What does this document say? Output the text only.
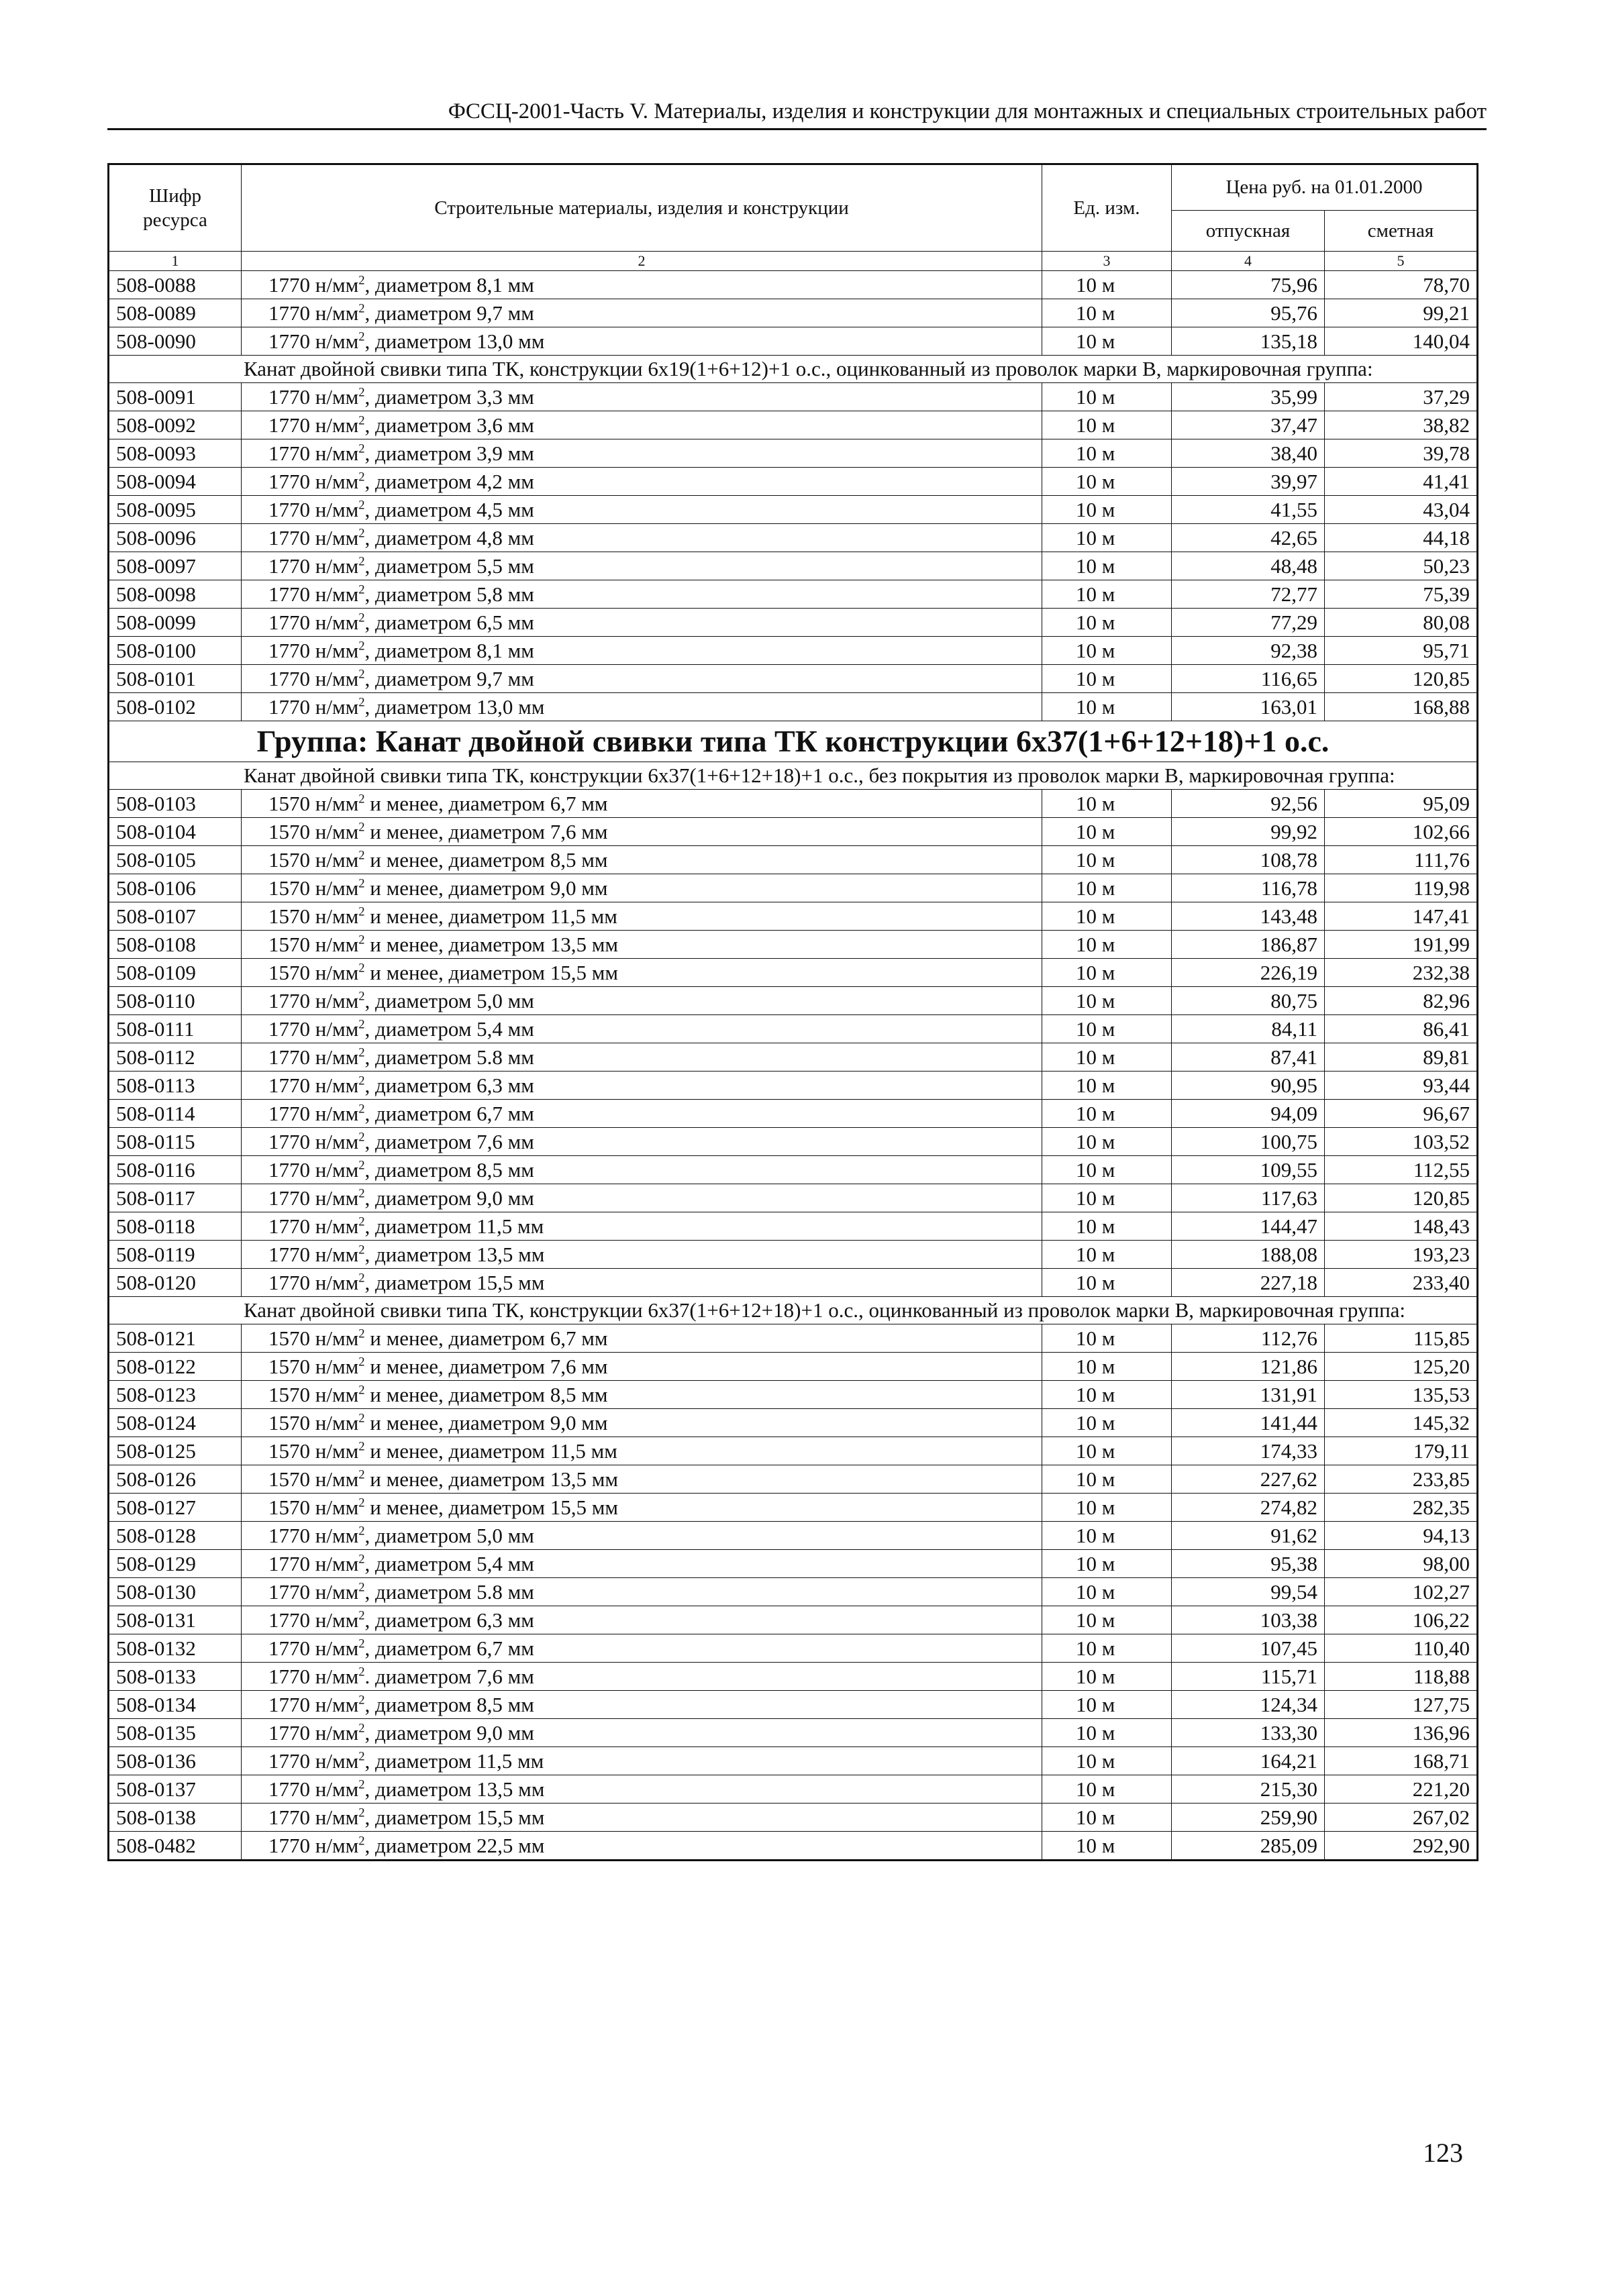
ФССЦ-2001-Часть V. Материалы, изделия и конструкции для монтажных и специальных строительных работ
Шифр ресурса	Строительные материалы, изделия и конструкции	Ед. изм.	Цена руб. на 01.01.2000	
			отпускная	сметная
1	2	3	4	5
508-0088	1770 $н/мм^2$, диаметром 8,1 мм	10 м	75,96	78,70
508-0089	1770 $н/мм^2$, диаметром 9,7 мм	10 м	95,76	99,21
508-0090	1770 $н/мм^2$, диаметром 13,0 мм	10 м	135,18	140,04
Канат двойной свивки типа ТК, конструкции 6х19(1+6+12)+1 о.с., оцинкованный из проволок марки В, маркировочная группа:				
508-0091	1770 $н/мм^2$, диаметром 3,3 мм	10 м	35,99	37,29
508-0092	1770 $н/мм^2$, диаметром 3,6 мм	10 м	37,47	38,82
508-0093	1770 $н/мм^2$, диаметром 3,9 мм	10 м	38,40	39,78
508-0094	1770 $н/мм^2$, диаметром 4,2 мм	10 м	39,97	41,41
508-0095	1770 $н/мм^2$, диаметром 4,5 мм	10 м	41,55	43,04
508-0096	1770 $н/мм^2$, диаметром 4,8 мм	10 м	42,65	44,18
508-0097	1770 $н/мм^2$, диаметром 5,5 мм	10 м	48,48	50,23
508-0098	1770 $н/мм^2$, диаметром 5,8 мм	10 м	72,77	75,39
508-0099	1770 $н/мм^2$, диаметром 6,5 мм	10 м	77,29	80,08
508-0100	1770 $н/мм^2$, диаметром 8,1 мм	10 м	92,38	95,71
508-0101	1770 $н/мм^2$, диаметром 9,7 мм	10 м	116,65	120,85
508-0102	1770 $н/мм^2$, диаметром 13,0 мм	10 м	163,01	168,88
Группа: Канат двойной свивки типа ТК конструкции 6х37(1+6+12+18)+1 о.с.				
Канат двойной свивки типа ТК, конструкции 6х37(1+6+12+18)+1 о.с., без покрытия из проволок марки В, маркировочная группа:				
508-0103	1570 $н/мм^2$ и менее, диаметром 6,7 мм	10 м	92,56	95,09
508-0104	1570 $н/мм^2$ и менее, диаметром 7,6 мм	10 м	99,92	102,66
508-0105	1570 $н/мм^2$ и менее, диаметром 8,5 мм	10 м	108,78	111,76
508-0106	1570 $н/мм^2$ и менее, диаметром 9,0 мм	10 м	116,78	119,98
508-0107	1570 $н/мм^2$ и менее, диаметром 11,5 мм	10 м	143,48	147,41
508-0108	1570 $н/мм^2$ и менее, диаметром 13,5 мм	10 м	186,87	191,99
508-0109	1570 $н/мм^2$ и менее, диаметром 15,5 мм	10 м	226,19	232,38
508-0110	1770 $н/мм^2$, диаметром 5,0 мм	10 м	80,75	82,96
508-0111	1770 $н/мм^2$, диаметром 5,4 мм	10 м	84,11	86,41
508-0112	1770 $н/мм^2$, диаметром 5.8 мм	10 м	87,41	89,81
508-0113	1770 $н/мм^2$, диаметром 6,3 мм	10 м	90,95	93,44
508-0114	1770 $н/мм^2$, диаметром 6,7 мм	10 м	94,09	96,67
508-0115	1770 $н/мм^2$, диаметром 7,6 мм	10 м	100,75	103,52
508-0116	1770 $н/мм^2$, диаметром 8,5 мм	10 м	109,55	112,55
508-0117	1770 $н/мм^2$, диаметром 9,0 мм	10 м	117,63	120,85
508-0118	1770 $н/мм^2$, диаметром 11,5 мм	10 м	144,47	148,43
508-0119	1770 $н/мм^2$, диаметром 13,5 мм	10 м	188,08	193,23
508-0120	1770 $н/мм^2$, диаметром 15,5 мм	10 м	227,18	233,40
Канат двойной свивки типа ТК, конструкции 6х37(1+6+12+18)+1 о.с., оцинкованный из проволок марки В, маркировочная группа:				
508-0121	1570 $н/мм^2$ и менее, диаметром 6,7 мм	10 м	112,76	115,85
508-0122	1570 $н/мм^2$ и менее, диаметром 7,6 мм	10 м	121,86	125,20
508-0123	1570 $н/мм^2$ и менее, диаметром 8,5 мм	10 м	131,91	135,53
508-0124	1570 $н/мм^2$ и менее, диаметром 9,0 мм	10 м	141,44	145,32
508-0125	1570 $н/мм^2$ и менее, диаметром 11,5 мм	10 м	174,33	179,11
508-0126	1570 $н/мм^2$ и менее, диаметром 13,5 мм	10 м	227,62	233,85
508-0127	1570 $н/мм^2$ и менее, диаметром 15,5 мм	10 м	274,82	282,35
508-0128	1770 $н/мм^2$, диаметром 5,0 мм	10 м	91,62	94,13
508-0129	1770 $н/мм^2$, диаметром 5,4 мм	10 м	95,38	98,00
508-0130	1770 $н/мм^2$, диаметром 5.8 мм	10 м	99,54	102,27
508-0131	1770 $н/мм^2$, диаметром 6,3 мм	10 м	103,38	106,22
508-0132	1770 $н/мм^2$, диаметром 6,7 мм	10 м	107,45	110,40
508-0133	1770 $н/мм^2$. диаметром 7,6 мм	10 м	115,71	118,88
508-0134	1770 $н/мм^2$, диаметром 8,5 мм	10 м	124,34	127,75
508-0135	1770 $н/мм^2$, диаметром 9,0 мм	10 м	133,30	136,96
508-0136	1770 $н/мм^2$, диаметром 11,5 мм	10 м	164,21	168,71
508-0137	1770 $н/мм^2$, диаметром 13,5 мм	10 м	215,30	221,20
508-0138	1770 $н/мм^2$, диаметром 15,5 мм	10 м	259,90	267,02
508-0482	1770 $н/мм^2$, диаметром 22,5 мм	10 м	285,09	292,90
123
